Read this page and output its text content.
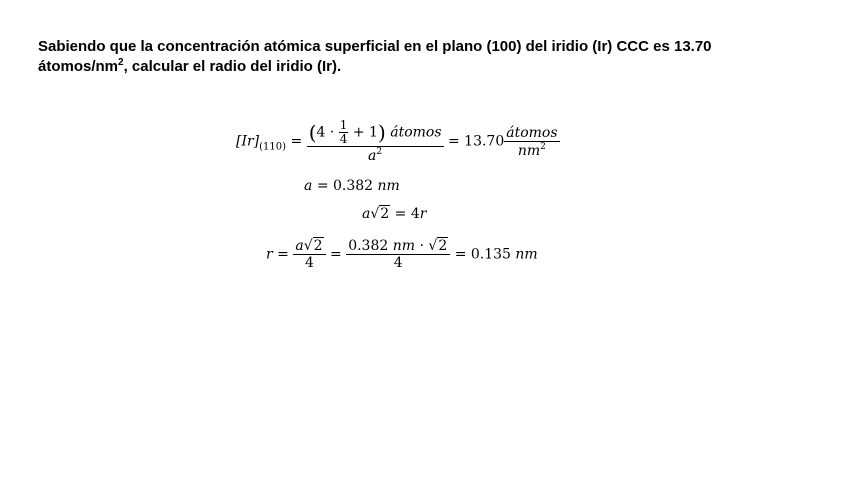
Sabiendo que la concentración atómica superficial en el plano (100) del iridio (Ir) CCC es 13.70 átomos/$nm^2$, calcular el radio del iridio (Ir).
$[Ir]_{(110)} = \frac{(4 \cdot \frac{1}{4} + 1) átomos}{a^2} = 13.70 \frac{\text{átomos}}{nm^2}$
a = 0.382 nm
a√2 = 4r
$r = \frac{a√2}{4} = \frac{0.382 nm \cdot √2}{4} = 0.135$ nm
